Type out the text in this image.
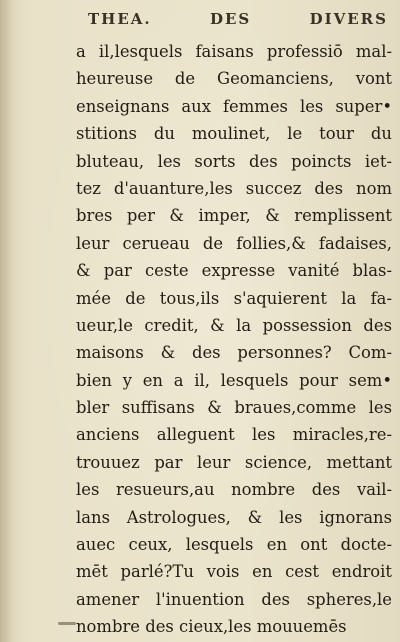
THEA.	DES	DIVERS
a il,lesquels faisans professiō mal-
heureuse de Geomanciens, vont
enseignans aux femmes les super•
stitions du moulinet, le tour du
bluteau, les sorts des poincts iet-
tez d'auanture,les succez des nom
bres per & imper, & remplissent
leur cerueau de follies,& fadaises,
& par ceste expresse vanité blas-
mée de tous,ils s'aquierent la fa-
ueur,le credit, & la possession des
maisons & des personnes? Com-
bien y en a il, lesquels pour sem•
bler suffisans & braues,comme les
anciens alleguent les miracles,re-
trouuez par leur science, mettant
les resueurs,au nombre des vail-
lans Astrologues, & les ignorans
auec ceux, lesquels en ont docte-
mēt parlé?Tu vois en cest endroit
amener l'inuention des spheres,le
nombre des cieux,les mouuemēs
